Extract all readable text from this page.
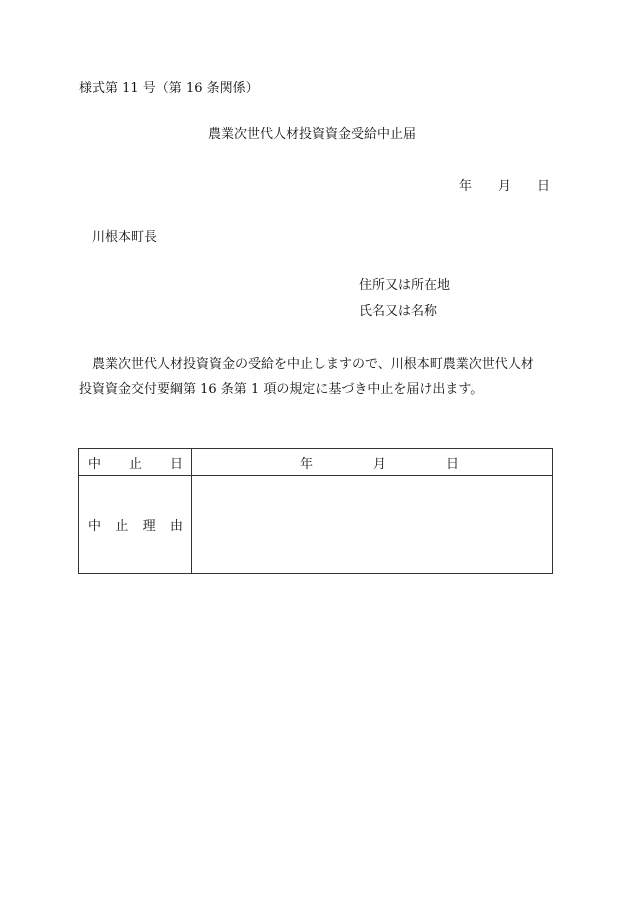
様式第 11 号（第 16 条関係）
農業次世代人材投資資金受給中止届
年 月 日
川根本町長
住所又は所在地
氏名又は名称
農業次世代人材投資資金の受給を中止しますので、川根本町農業次世代人材
投資資金交付要綱第 16 条第 1 項の規定に基づき中止を届け出ます。
中 止 日	年 月 日

中 止 理 由	
